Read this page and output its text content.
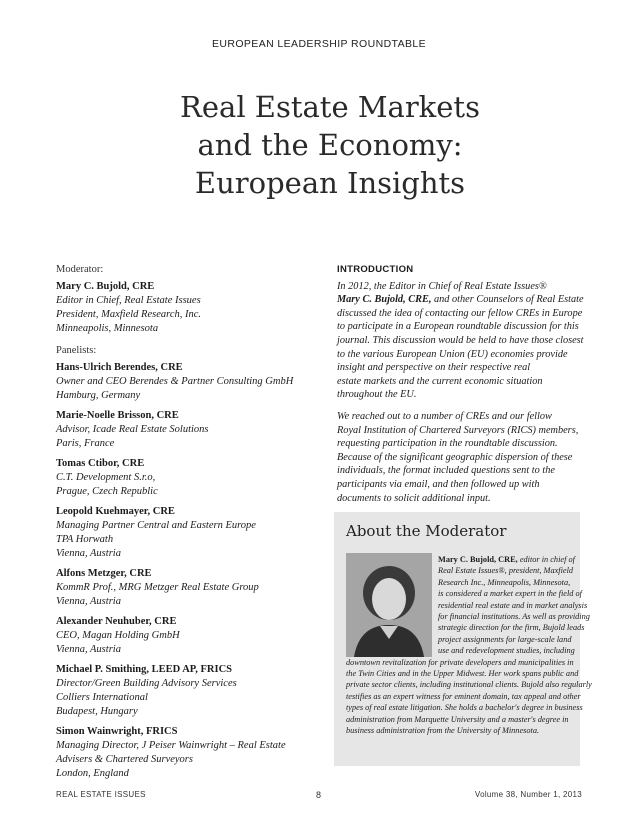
EUROPEAN LEADERSHIP ROUNDTABLE
Real Estate Markets
and the Economy:
European Insights
Moderator:
Mary C. Bujold, CRE
Editor in Chief, Real Estate Issues
President, Maxfield Research, Inc.
Minneapolis, Minnesota
Panelists:
Hans-Ulrich Berendes, CRE
Owner and CEO Berendes & Partner Consulting GmbH
Hamburg, Germany
Marie-Noelle Brisson, CRE
Advisor, Icade Real Estate Solutions
Paris, France
Tomas Ctibor, CRE
C.T. Development S.r.o,
Prague, Czech Republic
Leopold Kuehmayer, CRE
Managing Partner Central and Eastern Europe
TPA Horwath
Vienna, Austria
Alfons Metzger, CRE
KommR Prof., MRG Metzger Real Estate Group
Vienna, Austria
Alexander Neuhuber, CRE
CEO, Magan Holding GmbH
Vienna, Austria
Michael P. Smithing, LEED AP, FRICS
Director/Green Building Advisory Services
Colliers International
Budapest, Hungary
Simon Wainwright, FRICS
Managing Director, J Peiser Wainwright – Real Estate
Advisers & Chartered Surveyors
London, England
INTRODUCTION
In 2012, the Editor in Chief of Real Estate Issues®
Mary C. Bujold, CRE, and other Counselors of Real Estate
discussed the idea of contacting our fellow CREs in Europe
to participate in a European roundtable discussion for this
journal. This discussion would be held to have those closest
to the various European Union (EU) economies provide
insight and perspective on their respective real
estate markets and the current economic situation
throughout the EU.
We reached out to a number of CREs and our fellow
Royal Institution of Chartered Surveyors (RICS) members,
requesting participation in the roundtable discussion.
Because of the significant geographic dispersion of these
individuals, the format included questions sent to the
participants via email, and then followed up with
documents to solicit additional input.
About the Moderator
Mary C. Bujold, CRE, editor in chief of
Real Estate Issues®, president, Maxfield
Research Inc., Minneapolis, Minnesota,
is considered a market expert in the field of
residential real estate and in market analysis
for financial institutions. As well as providing
strategic direction for the firm, Bujold leads
project assignments for large-scale land
use and redevelopment studies, including
downtown revitalization for private developers and municipalities in
the Twin Cities and in the Upper Midwest. Her work spans public and
private sector clients, including institutional clients. Bujold also regularly
testifies as an expert witness for eminent domain, tax appeal and other
types of real estate litigation. She holds a bachelor's degree in business
administration from Marquette University and a master's degree in
business administration from the University of Minnesota.
REAL ESTATE ISSUES	8	Volume 38, Number 1, 2013
